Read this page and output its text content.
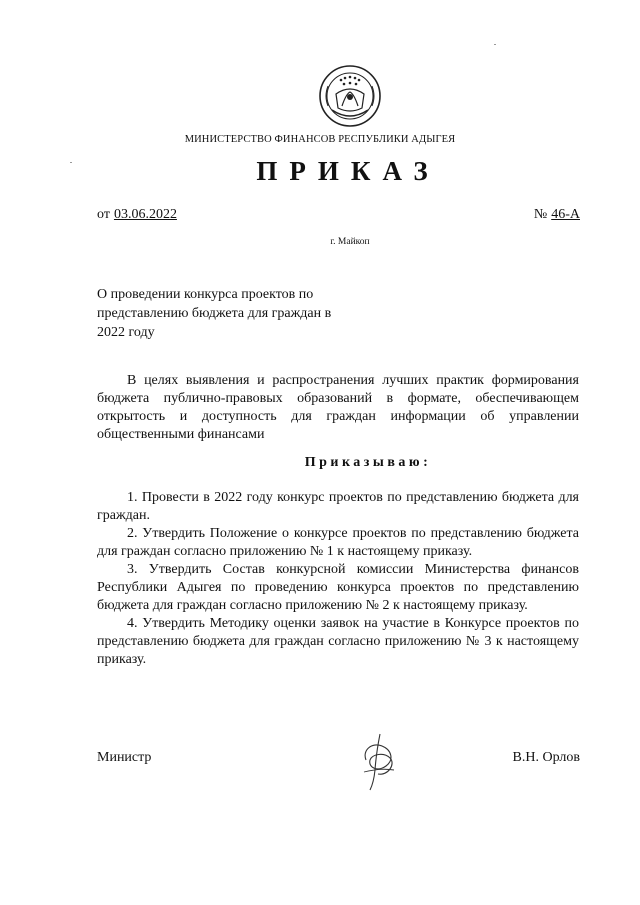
МИНИСТЕРСТВО ФИНАНСОВ РЕСПУБЛИКИ АДЫГЕЯ
ПРИКАЗ
от 03.06.2022	№ 46-А
г. Майкоп
О проведении конкурса проектов по представлению бюджета для граждан в 2022 году
В целях выявления и распространения лучших практик формирования бюджета публично-правовых образований в формате, обеспечивающем открытость и доступность для граждан информации об управлении общественными финансами
Приказываю:

1. Провести в 2022 году конкурс проектов по представлению бюджета для граждан.

2. Утвердить Положение о конкурсе проектов по представлению бюджета для граждан согласно приложению № 1 к настоящему приказу.

3. Утвердить Состав конкурсной комиссии Министерства финансов Республики Адыгея по проведению конкурса проектов по представлению бюджета для граждан согласно приложению № 2 к настоящему приказу.

4. Утвердить Методику оценки заявок на участие в Конкурсе проектов по представлению бюджета для граждан согласно приложению № 3 к настоящему приказу.

Министр	В.Н. Орлов
